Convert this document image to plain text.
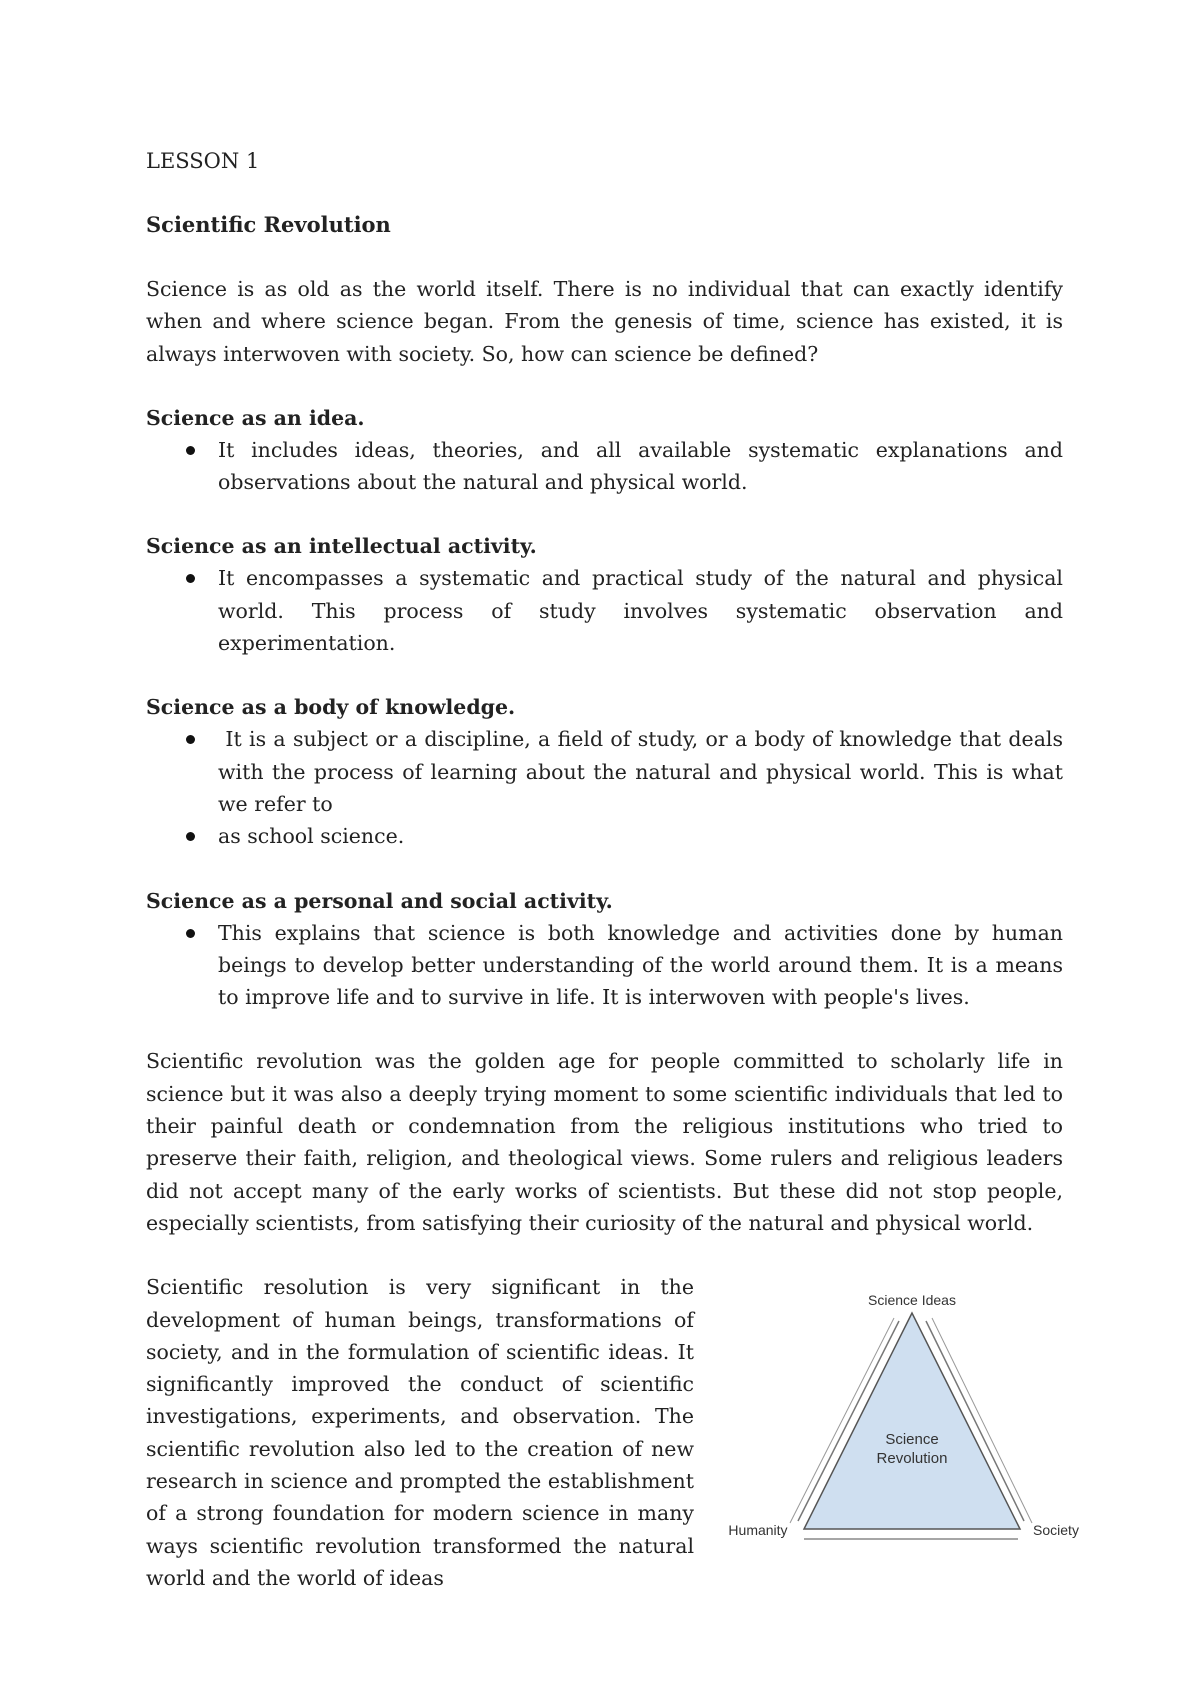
LESSON 1
Scientific Revolution

Science is as old as the world itself. There is no individual that can exactly identify when and where science began. From the genesis of time, science has existed, it is always interwoven with society. So, how can science be defined?

Science as an idea.
It includes ideas, theories, and all available systematic explanations and observations about the natural and physical world.
Science as an intellectual activity.
It encompasses a systematic and practical study of the natural and physical world. This process of study involves systematic observation and experimentation.
Science as a body of knowledge.
It is a subject or a discipline, a field of study, or a body of knowledge that deals with the process of learning about the natural and physical world. This is what we refer to
as school science.
Science as a personal and social activity.
This explains that science is both knowledge and activities done by human beings to develop better understanding of the world around them. It is a means to improve life and to survive in life. It is interwoven with people's lives.

Scientific revolution was the golden age for people committed to scholarly life in science but it was also a deeply trying moment to some scientific individuals that led to their painful death or condemnation from the religious institutions who tried to preserve their faith, religion, and theological views. Some rulers and religious leaders did not accept many of the early works of scientists. But these did not stop people, especially scientists, from satisfying their curiosity of the natural and physical world.

Scientific resolution is very significant in the development of human beings, transformations of society, and in the formulation of scientific ideas. It significantly improved the conduct of scientific investigations, experiments, and observation. The scientific revolution also led to the creation of new research in science and prompted the establishment of a strong foundation for modern science in many ways scientific revolution transformed the natural world and the world of ideas

Science Ideas
Humanity	Society
Science
Revolution
